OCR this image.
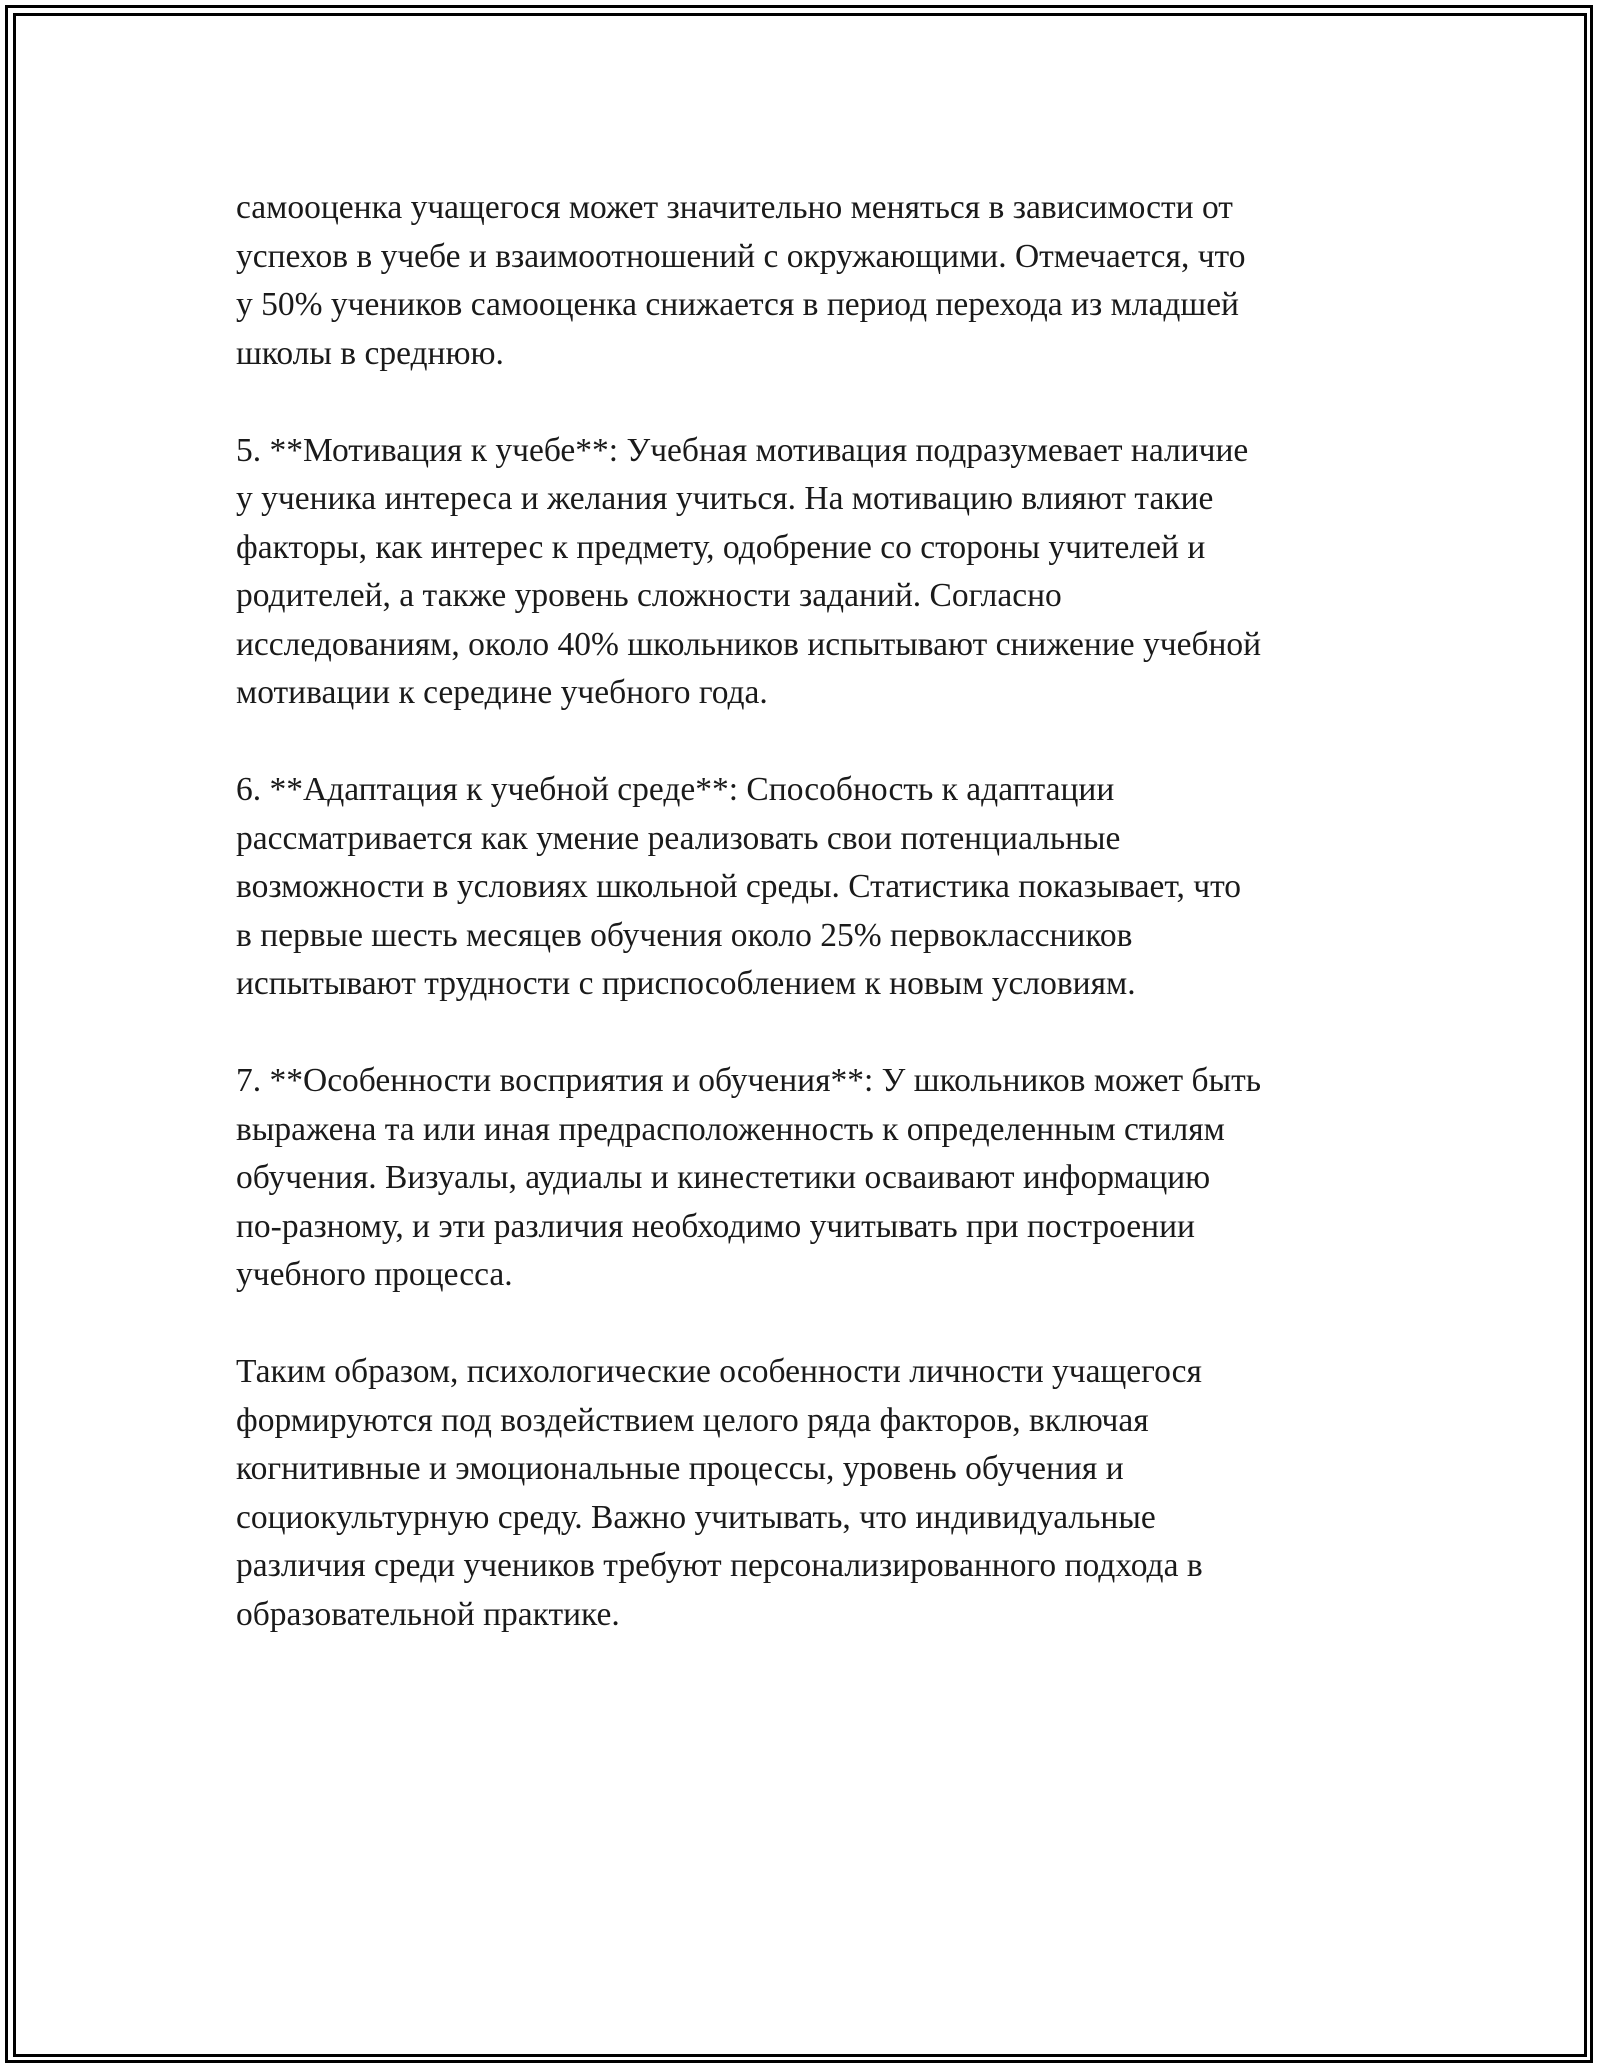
самооценка учащегося может значительно меняться в зависимости от
успехов в учебе и взаимоотношений с окружающими. Отмечается, что
у 50% учеников самооценка снижается в период перехода из младшей
школы в среднюю.

5. **Мотивация к учебе**: Учебная мотивация подразумевает наличие
у ученика интереса и желания учиться. На мотивацию влияют такие
факторы, как интерес к предмету, одобрение со стороны учителей и
родителей, а также уровень сложности заданий. Согласно
исследованиям, около 40% школьников испытывают снижение учебной
мотивации к середине учебного года.

6. **Адаптация к учебной среде**: Способность к адаптации
рассматривается как умение реализовать свои потенциальные
возможности в условиях школьной среды. Статистика показывает, что
в первые шесть месяцев обучения около 25% первоклассников
испытывают трудности с приспособлением к новым условиям.

7. **Особенности восприятия и обучения**: У школьников может быть
выражена та или иная предрасположенность к определенным стилям
обучения. Визуалы, аудиалы и кинестетики осваивают информацию
по-разному, и эти различия необходимо учитывать при построении
учебного процесса.

Таким образом, психологические особенности личности учащегося
формируются под воздействием целого ряда факторов, включая
когнитивные и эмоциональные процессы, уровень обучения и
социокультурную среду. Важно учитывать, что индивидуальные
различия среди учеников требуют персонализированного подхода в
образовательной практике.
